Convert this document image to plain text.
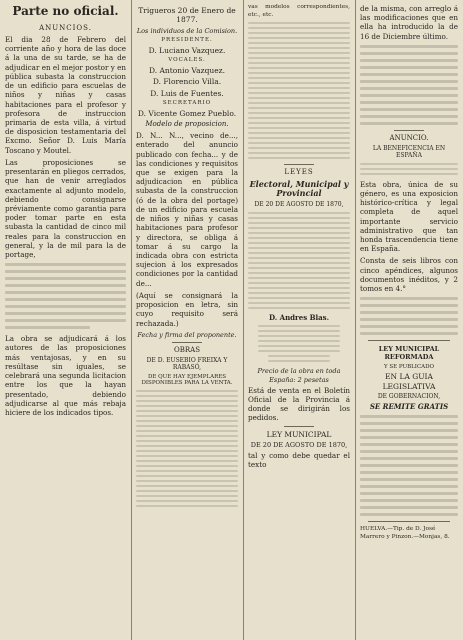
Parte no oficial.
ANUNCIOS.

El dia 28 de Febrero del corriente año y hora de las doce á la una de su tarde, se ha de adjudicar en el mejor postor y en pública subasta la construccion de un edificio para escuelas de niños y niñas y casas habitaciones para el profesor y profesora de instruccion primaria de esta villa, á virtud de disposicion testamentaria del Excmo. Señor D. Luis María Toscano y Moutel.

Las proposiciones se presentarán en pliegos cerrados, que han de venir arreglados exactamente al adjunto modelo, debiendo consignarse préviamente como garantia para poder tomar parte en esta subasta la cantidad de cinco mil reales para la construccion en general, y la de mil para la de portage,

La obra se adjudicará á los autores de las proposiciones más ventajosas, y en su resúltase sin iguales, se celebrará una segunda licitacion entre los que la hayan presentado, debiendo adjudicarse al que más rebaja hiciere de los indicados tipos.

Trigueros 20 de Enero de 1877.
Los individuos de la Comision.
PRESIDENTE.
D. Luciano Vazquez.
VOCALES.
D. Antonio Vazquez.
D. Florencio Villa.
D. Luis de Fuentes.
SECRETARIO
D. Vicente Gomez Pueblo.
Modelo de proposicion.

D. N... N..., vecino de..., enterado del anuncio publicado con fecha... y de las condiciones y requisitos que se exigen para la adjudicacion en pública subasta de la construccion (ó de la obra del portage) de un edificio para escuela de niños y niñas y casas habitaciones para profesor y directora, se obliga á tomar á su cargo la indicada obra con estricta sujecion á los expresados condiciones por la cantidad de...

(Aquí se consignará la proposicion en letra, sin cuyo requisito será rechazada.)

Fecha y firma del proponente.
OBRAS
DE D. EUSEBIO FREIXA Y RABASÓ,
DE QUE HAY EJEMPLARES DISPONIBLES PARA LA VENTA.

vas modelos correspondientes, etc., etc.

LEYES
Electoral, Municipal y Provincial
DE 20 DE AGOSTO DE 1870,
D. Andres Blas.
Precio de la obra en toda España: 2 pesetas

Está de venta en el Boletín Oficial de la Provincia á donde se dirigirán los pedidos.

LEY MUNICIPAL
DE 20 DE AGOSTO DE 1870,

tal y como debe quedar el texto

de la misma, con arreglo á las modificaciones que en ella ha introducido la de 16 de Diciembre último.

ANUNCIO.
LA BENEFICENCIA EN ESPAÑA

Esta obra, única de su género, es una exposicion histórico-crítica y legal completa de aquel importante servicio administrativo que tan honda trascendencia tiene en España.

Consta de seis libros con cinco apéndices, algunos documentos inéditos, y 2 tomos en 4.°

LEY MUNICIPAL REFORMADA
Y SE PUBLICADO
EN LA GUIA LEGISLATIVA
DE GOBERNACION,
SE REMITE GRATIS
HUELVA.—Tip. de D. José Marrero y Pinzon.—Monjas, 8.
